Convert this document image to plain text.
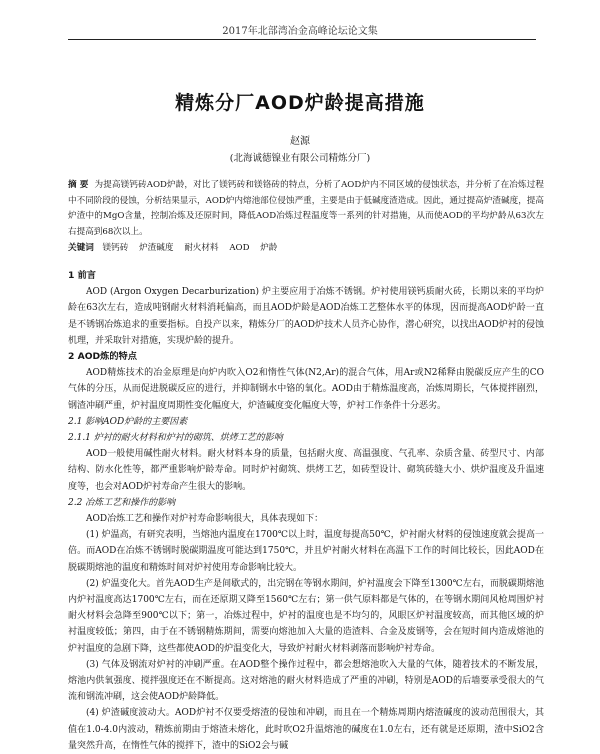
2017年北部湾冶金高峰论坛论文集
精炼分厂AOD炉龄提高措施
赵源
(北海诚德镍业有限公司精炼分厂)
摘 要 为提高镁钙砖AOD炉龄，对比了镁钙砖和镁铬砖的特点，分析了AOD炉内不同区域的侵蚀状态，并分析了在冶炼过程中不同阶段的侵蚀，分析结果显示，AOD炉内熔池部位侵蚀严重，主要是由于低碱度渣造成。因此，通过提高炉渣碱度，提高炉渣中的MgO含量，控制冶炼及还原时间，降低AOD冶炼过程温度等一系列的针对措施，从而使AOD的平均炉龄从63次左右提高到68次以上。
关键词 镁钙砖 炉渣碱度 耐火材料 AOD 炉龄

1 前言

AOD (Argon Oxygen Decarburization) 炉主要应用于冶炼不锈钢。炉衬使用镁钙质耐火砖，长期以来的平均炉龄在63次左右，造成吨钢耐火材料消耗偏高，而且AOD炉龄是AOD冶炼工艺整体水平的体现，因而提高AOD炉龄一直是不锈钢冶炼追求的重要指标。自投产以来，精炼分厂的AOD炉技术人员齐心协作，潜心研究，以找出AOD炉衬的侵蚀机理，并采取针对措施，实现炉龄的提升。

2 AOD炼的特点

AOD精炼技术的冶金原理是向炉内吹入O2和惰性气体(N2,Ar)的混合气体，用Ar或N2稀释由脱碳反应产生的CO气体的分压，从而促进脱碳反应的进行，并抑制钢水中铬的氧化。AOD由于精炼温度高，冶炼周期长，气体搅拌剧烈，钢渣冲刷严重，炉衬温度周期性变化幅度大，炉渣碱度变化幅度大等，炉衬工作条件十分恶劣。

2.1 影响AOD炉龄的主要因素

2.1.1 炉衬的耐火材料和炉衬的砌筑、烘烤工艺的影响

AOD一般使用碱性耐火材料。耐火材料本身的质量，包括耐火度、高温强度、气孔率、杂质含量、砖型尺寸、内部结构、防水化性等，都严重影响炉龄寿命。同时炉衬砌筑、烘烤工艺，如砖型设计、砌筑砖缝大小、烘炉温度及升温速度等，也会对AOD炉衬寿命产生很大的影响。

2.2 冶炼工艺和操作的影响

AOD冶炼工艺和操作对炉衬寿命影响很大，具体表现如下：

(1) 炉温高，有研究表明，当熔池内温度在1700℃以上时，温度每提高50℃，炉衬耐火材料的侵蚀速度就会提高一倍。而AOD在冶炼不锈钢时脱碳期温度可能达到1750℃，并且炉衬耐火材料在高温下工作的时间比较长，因此AOD在脱碳期熔池的温度和精炼时间对炉衬使用寿命影响比较大。

(2) 炉温变化大。首先AOD生产是间歇式的，出完钢在等钢水期间，炉衬温度会下降至1300℃左右，而脱碳期熔池内炉衬温度高达1700℃左右，而在还原期又降至1560℃左右；第一供气原料都是气体的，在等钢水期间风枪周围炉衬耐火材料会急降至900℃以下；第一，冶炼过程中，炉衬的温度也是不均匀的，风眼区炉衬温度较高，而其他区域的炉衬温度较低；第四，由于在不锈钢精炼期间，需要向熔池加入大量的造渣料、合金及废钢等，会在短时间内造成熔池的炉衬温度的急剧下降，这些都使AOD的炉温变化大，导致炉衬耐火材料剥落而影响炉衬寿命。

(3) 气体及钢流对炉衬的冲刷严重。在AOD整个操作过程中，都会想熔池吹入大量的气体，随着技术的不断发展，熔池内供氧强度、搅拌强度还在不断提高。这对熔池的耐火材料造成了严重的冲刷，特别是AOD的后墙要承受很大的气流和钢流冲刷，这会使AOD炉龄降低。

(4) 炉渣碱度波动大。AOD炉衬不仅要受熔渣的侵蚀和冲刷，而且在一个精炼周期内熔渣碱度的波动范围很大，其值在1.0-4.0内波动，精炼前期由于熔渣未熔化，此时吹O2升温熔池的碱度在1.0左右，还有就是还原期，渣中SiO2含量突然升高，在惰性气体的搅拌下，渣中的SiO2会与碱
